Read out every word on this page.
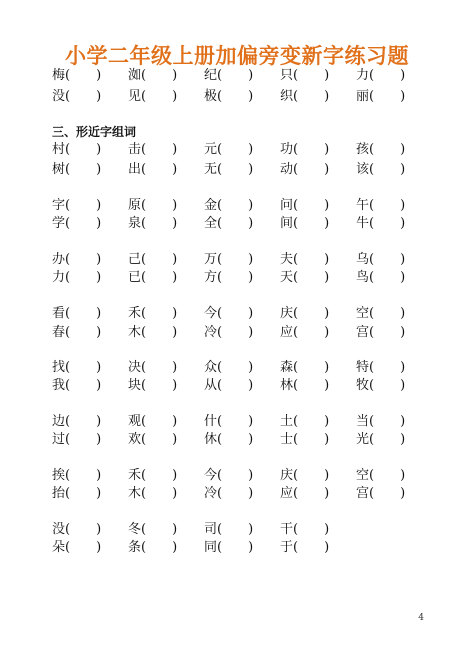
小学二年级上册加偏旁变新字练习题
三、形近字组词
梅(　　) 洳(　　) 纪(　　) 只(　　) 力(　　)
没(　　) 见(　　) 极(　　) 织(　　) 丽(　　)
村(　　) 击(　　) 元(　　) 功(　　) 孩(　　)
树(　　) 出(　　) 无(　　) 动(　　) 该(　　)
字(　　) 原(　　) 金(　　) 问(　　) 午(　　)
学(　　) 泉(　　) 全(　　) 间(　　) 牛(　　)
办(　　) 己(　　) 万(　　) 夫(　　) 乌(　　)
力(　　) 已(　　) 方(　　) 天(　　) 鸟(　　)
看(　　) 禾(　　) 今(　　) 庆(　　) 空(　　)
春(　　) 木(　　) 冷(　　) 应(　　) 宫(　　)
找(　　) 决(　　) 众(　　) 森(　　) 特(　　)
我(　　) 块(　　) 从(　　) 林(　　) 牧(　　)
边(　　) 观(　　) 什(　　) 土(　　) 当(　　)
过(　　) 欢(　　) 休(　　) 士(　　) 光(　　)
挨(　　) 禾(　　) 今(　　) 庆(　　) 空(　　)
抬(　　) 木(　　) 冷(　　) 应(　　) 宫(　　)
没(　　) 冬(　　) 司(　　) 干(　　)
朵(　　) 条(　　) 同(　　) 于(　　)
4
